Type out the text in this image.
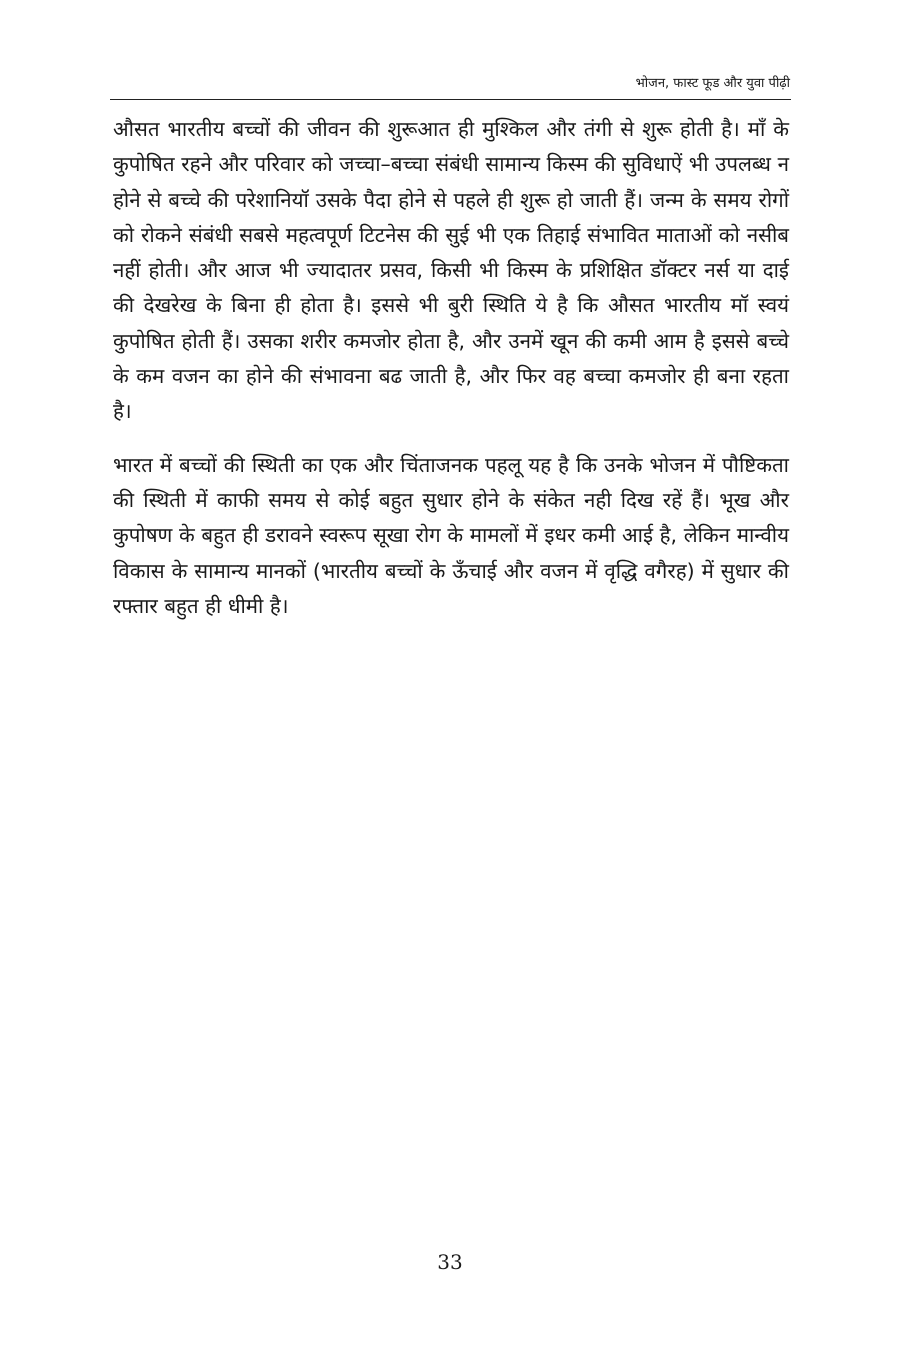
भोजन, फास्ट फूड और युवा पीढ़ी

औसत भारतीय बच्चों की जीवन की शुरूआत ही मुश्किल और तंगी से शुरू होती है। माँ के कुपोषित रहने और परिवार को जच्चा–बच्चा संबंधी सामान्य किस्म की सुविधाऐं भी उपलब्ध न होने से बच्चे की परेशानियॉ उसके पैदा होने से पहले ही शुरू हो जाती हैं। जन्म के समय रोगों को रोकने संबंधी सबसे महत्वपूर्ण टिटनेस की सुई भी एक तिहाई संभावित माताओं को नसीब नहीं होती। और आज भी ज्यादातर प्रसव, किसी भी किस्म के प्रशिक्षित डॉक्टर नर्स या दाई की देखरेख के बिना ही होता है। इससे भी बुरी स्थिति ये है कि औसत भारतीय मॉ स्वयं कुपोषित होती हैं। उसका शरीर कमजोर होता है, और उनमें खून की कमी आम है इससे बच्चे के कम वजन का होने की संभावना बढ जाती है, और फिर वह बच्चा कमजोर ही बना रहता है।

भारत में बच्चों की स्थिती का एक और चिंताजनक पहलू यह है कि उनके भोजन में पौष्टिकता की स्थिती में काफी समय से कोई बहुत सुधार होने के संकेत नही दिख रहें हैं। भूख और कुपोषण के बहुत ही डरावने स्वरूप सूखा रोग के मामलों में इधर कमी आई है, लेकिन मान्वीय विकास के सामान्य मानकों (भारतीय बच्चों के ऊँचाई और वजन में वृद्धि वगैरह) में सुधार की रफ्तार बहुत ही धीमी है।

33
